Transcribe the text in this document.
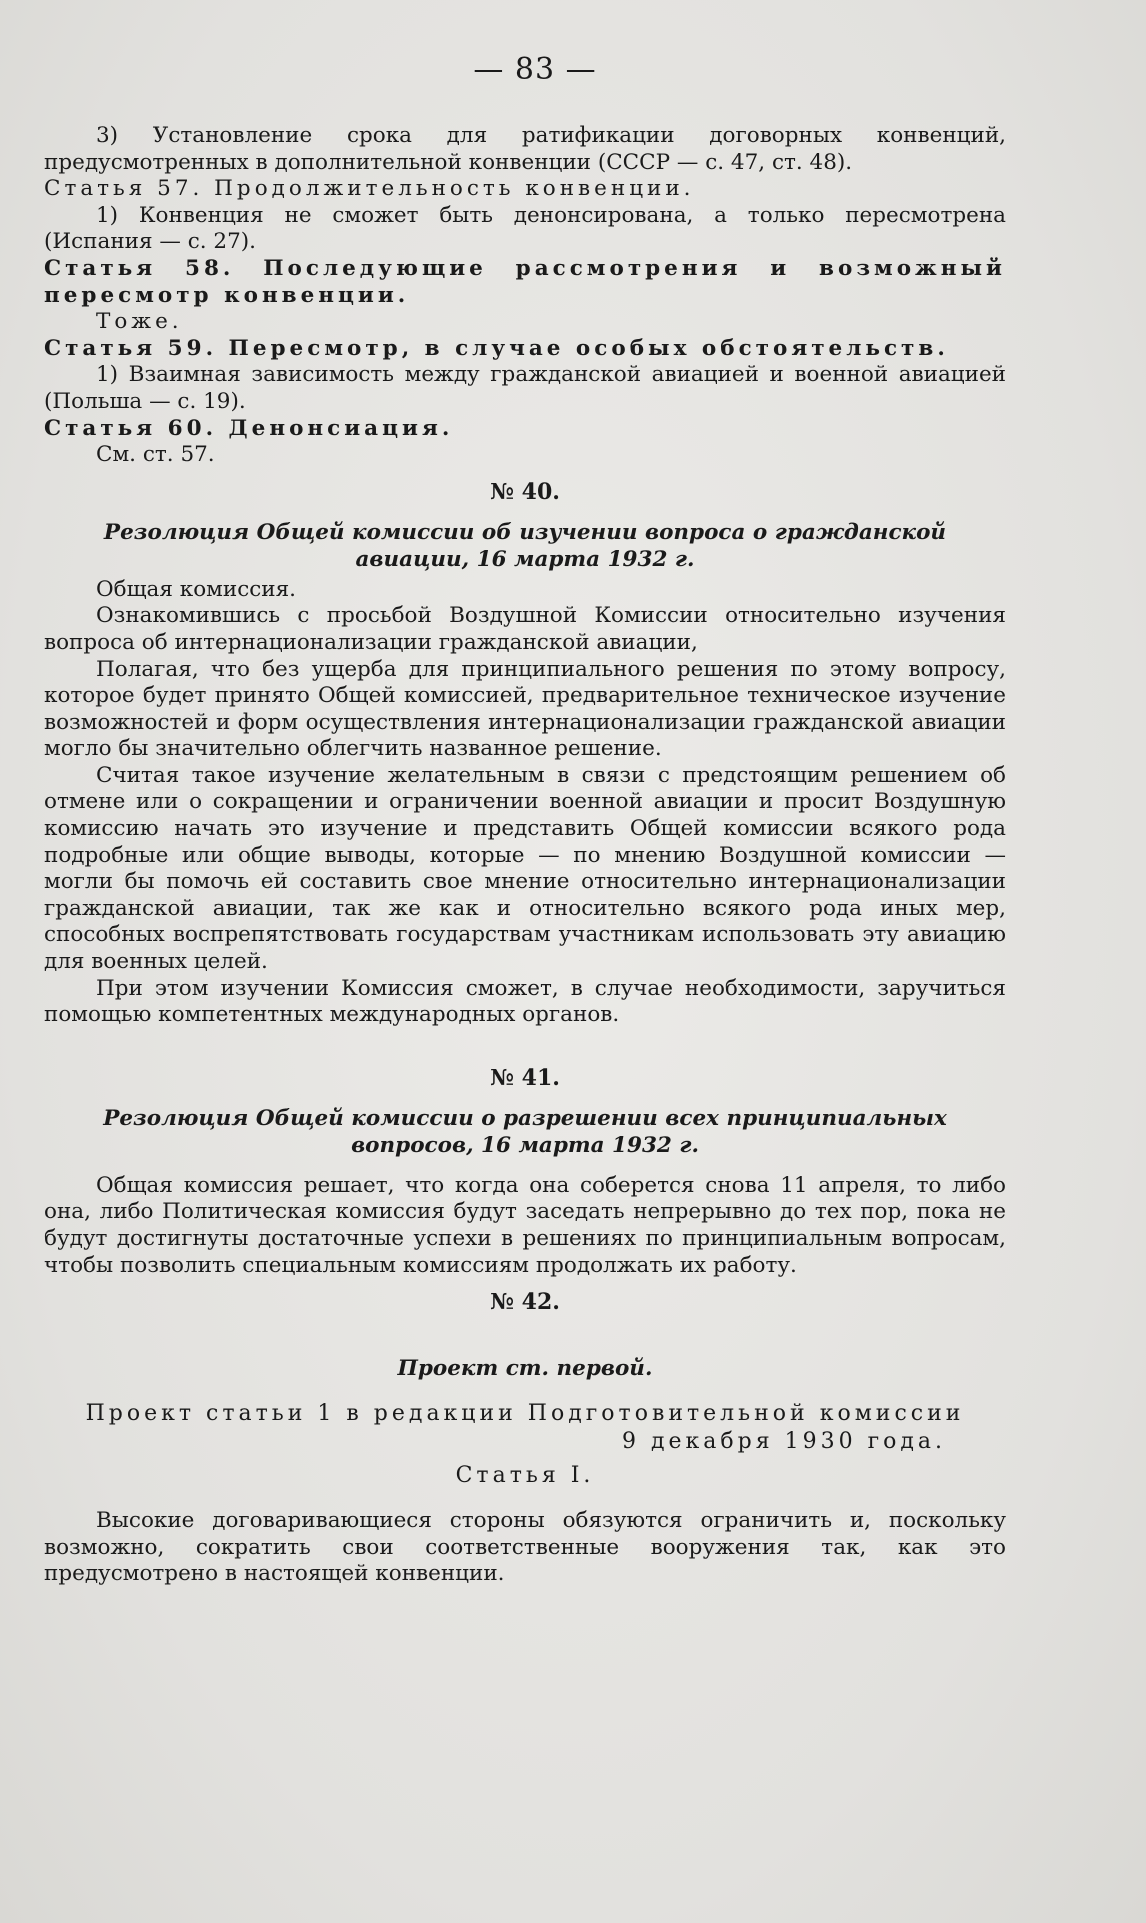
— 83 —

3) Установление срока для ратификации договорных конвенций, предусмотренных в дополнительной конвенции (СССР — с. 47, ст. 48).

Статья 57. Продолжительность конвенции.

1) Конвенция не сможет быть денонсирована, а только пересмотрена (Испания — с. 27).

Статья 58. Последующие рассмотрения и возможный пересмотр конвенции.

Тоже.

Статья 59. Пересмотр, в случае особых обстоятельств.

1) Взаимная зависимость между гражданской авиацией и военной авиацией (Польша — с. 19).

Статья 60. Денонсиация.

См. ст. 57.

№ 40.
Резолюция Общей комиссии об изучении вопроса о гражданской авиации, 16 марта 1932 г.

Общая комиссия.

Ознакомившись с просьбой Воздушной Комиссии относительно изучения вопроса об интернационализации гражданской авиации,

Полагая, что без ущерба для принципиального решения по этому вопросу, которое будет принято Общей комиссией, предварительное техническое изучение возможностей и форм осуществления интернационализации гражданской авиации могло бы значительно облегчить названное решение.

Считая такое изучение желательным в связи с предстоящим решением об отмене или о сокращении и ограничении военной авиации и просит Воздушную комиссию начать это изучение и представить Общей комиссии всякого рода подробные или общие выводы, которые — по мнению Воздушной комиссии — могли бы помочь ей составить свое мнение относительно интернационализации гражданской авиации, так же как и относительно всякого рода иных мер, способных воспрепятствовать государствам участникам использовать эту авиацию для военных целей.

При этом изучении Комиссия сможет, в случае необходимости, заручиться помощью компетентных международных органов.

№ 41.
Резолюция Общей комиссии о разрешении всех принципиальных вопросов, 16 марта 1932 г.

Общая комиссия решает, что когда она соберется снова 11 апреля, то либо она, либо Политическая комиссия будут заседать непрерывно до тех пор, пока не будут достигнуты достаточные успехи в решениях по принципиальным вопросам, чтобы позволить специальным комиссиям продолжать их работу.

№ 42.
Проект ст. первой.

Проект статьи 1 в редакции Подготовительной комиссии

9 декабря 1930 года.

Статья I.

Высокие договаривающиеся стороны обязуются ограничить и, поскольку возможно, сократить свои соответственные вооружения так, как это предусмотрено в настоящей конвенции.
